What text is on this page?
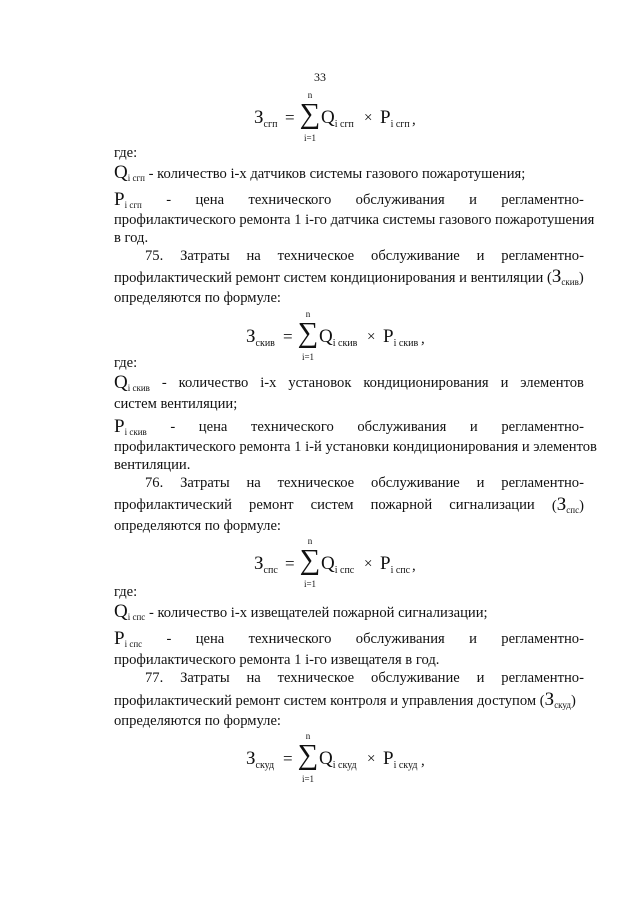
33
$З_{сгп}$ =
n
∑
i=1
$Q_{i сгп} \times P_{i сгп}$ ,
где:
$Q_{i сгп}$ - количество i-х датчиков системы газового пожаротушения;
$P_{i сгп}$ - цена технического обслуживания и регламентно-
профилактического ремонта 1 i-го датчика системы газового пожаротушения
в год.
75. Затраты на техническое обслуживание и регламентно-
профилактический ремонт систем кондиционирования и вентиляции $(З_{скив})$
определяются по формуле:
$З_{скив}$ =
n
∑
i=1
$Q_{i скив} \times P_{i скив}$ ,
где:
$Q_{i скив}$ - количество i-х установок кондиционирования и элементов
систем вентиляции;
$P_{i скив}$ - цена технического обслуживания и регламентно-
профилактического ремонта 1 i-й установки кондиционирования и элементов
вентиляции.
76. Затраты на техническое обслуживание и регламентно-
профилактический ремонт систем пожарной сигнализации $(З_{спс})$
определяются по формуле:
$З_{спс}$ =
n
∑
i=1
$Q_{i спс} \times P_{i спс}$ ,
где:
$Q_{i спс}$ - количество i-х извещателей пожарной сигнализации;
$P_{i спс}$ - цена технического обслуживания и регламентно-
профилактического ремонта 1 i-го извещателя в год.
77. Затраты на техническое обслуживание и регламентно-
профилактический ремонт систем контроля и управления доступом $(З_{скуд})$
определяются по формуле:
$З_{скуд}$ =
n
∑
i=1
$Q_{i скуд} \times P_{i скуд}$ ,
